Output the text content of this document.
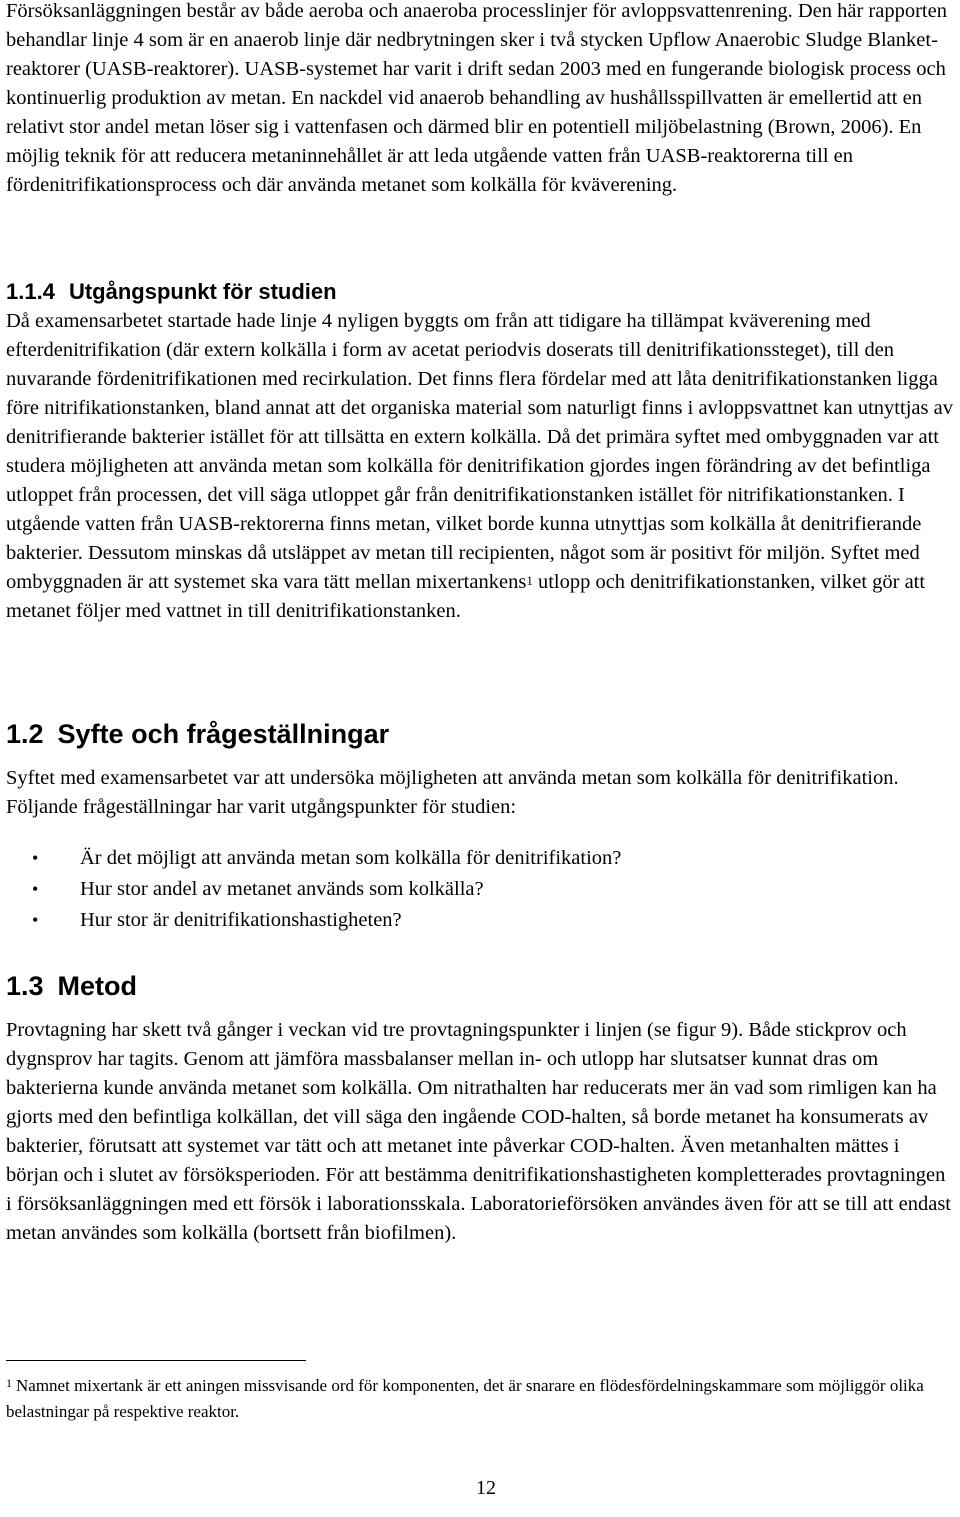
Försöksanläggningen består av både aeroba och anaeroba processlinjer för avloppsvattenrening. Den här rapporten behandlar linje 4 som är en anaerob linje där nedbrytningen sker i två stycken Upflow Anaerobic Sludge Blanket-reaktorer (UASB-reaktorer). UASB-systemet har varit i drift sedan 2003 med en fungerande biologisk process och kontinuerlig produktion av metan. En nackdel vid anaerob behandling av hushållsspillvatten är emellertid att en relativt stor andel metan löser sig i vattenfasen och därmed blir en potentiell miljöbelastning (Brown, 2006). En möjlig teknik för att reducera metaninnehållet är att leda utgående vatten från UASB-reaktorerna till en fördenitrifikationsprocess och där använda metanet som kolkälla för kväverening.

1.1.4 Utgångspunkt för studien

Då examensarbetet startade hade linje 4 nyligen byggts om från att tidigare ha tillämpat kväverening med efterdenitrifikation (där extern kolkälla i form av acetat periodvis doserats till denitrifikationssteget), till den nuvarande fördenitrifikationen med recirkulation. Det finns flera fördelar med att låta denitrifikationstanken ligga före nitrifikationstanken, bland annat att det organiska material som naturligt finns i avloppsvattnet kan utnyttjas av denitrifierande bakterier istället för att tillsätta en extern kolkälla. Då det primära syftet med ombyggnaden var att studera möjligheten att använda metan som kolkälla för denitrifikation gjordes ingen förändring av det befintliga utloppet från processen, det vill säga utloppet går från denitrifikationstanken istället för nitrifikationstanken. I utgående vatten från UASB-rektorerna finns metan, vilket borde kunna utnyttjas som kolkälla åt denitrifierande bakterier. Dessutom minskas då utsläppet av metan till recipienten, något som är positivt för miljön. Syftet med ombyggnaden är att systemet ska vara tätt mellan mixertankens$^1$ utlopp och denitrifikationstanken, vilket gör att metanet följer med vattnet in till denitrifikationstanken.

1.2 Syfte och frågeställningar

Syftet med examensarbetet var att undersöka möjligheten att använda metan som kolkälla för denitrifikation. Följande frågeställningar har varit utgångspunkter för studien:

• Är det möjligt att använda metan som kolkälla för denitrifikation?
• Hur stor andel av metanet används som kolkälla?
• Hur stor är denitrifikationshastigheten?
1.3 Metod

Provtagning har skett två gånger i veckan vid tre provtagningspunkter i linjen (se figur 9). Både stickprov och dygnsprov har tagits. Genom att jämföra massbalanser mellan in- och utlopp har slutsatser kunnat dras om bakterierna kunde använda metanet som kolkälla. Om nitrathalten har reducerats mer än vad som rimligen kan ha gjorts med den befintliga kolkällan, det vill säga den ingående COD-halten, så borde metanet ha konsumerats av bakterier, förutsatt att systemet var tätt och att metanet inte påverkar COD-halten. Även metanhalten mättes i början och i slutet av försöksperioden. För att bestämma denitrifikationshastigheten kompletterades provtagningen i försöksanläggningen med ett försök i laborationsskala. Laboratorieförsöken användes även för att se till att endast metan användes som kolkälla (bortsett från biofilmen).

$^1$ Namnet mixertank är ett aningen missvisande ord för komponenten, det är snarare en flödesfördelningskammare som möjliggör olika belastningar på respektive reaktor.
12
